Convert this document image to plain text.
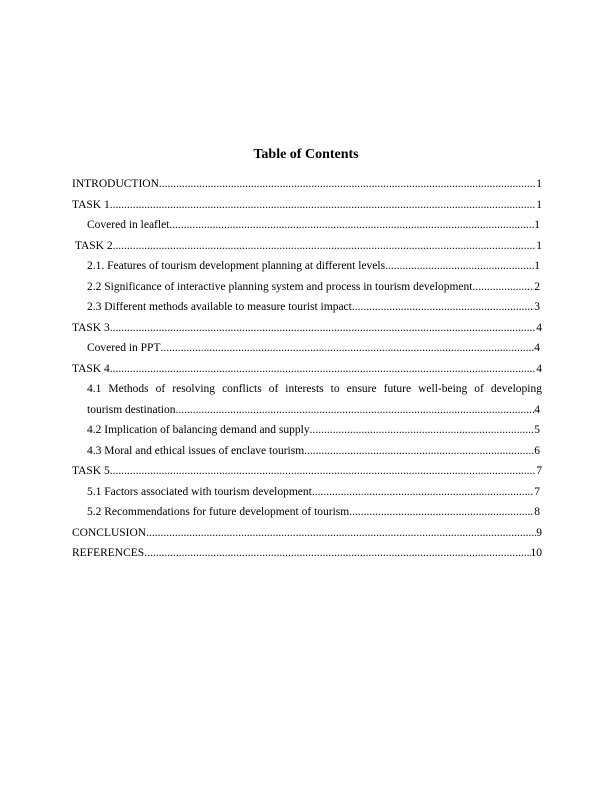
Table of Contents
INTRODUCTION .....	1
TASK 1 .....	1
Covered in leaflet .....	1
TASK 2 .....	1
2.1. Features of tourism development planning at different levels .....	1
2.2 Significance of interactive planning system and process in tourism development .....	2
2.3 Different methods available to measure tourist impact .....	3
TASK 3 .....	4
Covered in PPT .....	4
TASK 4 .....	4
4.1 Methods of resolving conflicts of interests to ensure future well-being of developing
tourism destination .....	4
4.2 Implication of balancing demand and supply .....	5
4.3 Moral and ethical issues of enclave tourism .....	6
TASK 5 .....	7
5.1 Factors associated with tourism development .....	7
5.2 Recommendations for future development of tourism .....	8
CONCLUSION .....	9
REFERENCES .....	10
